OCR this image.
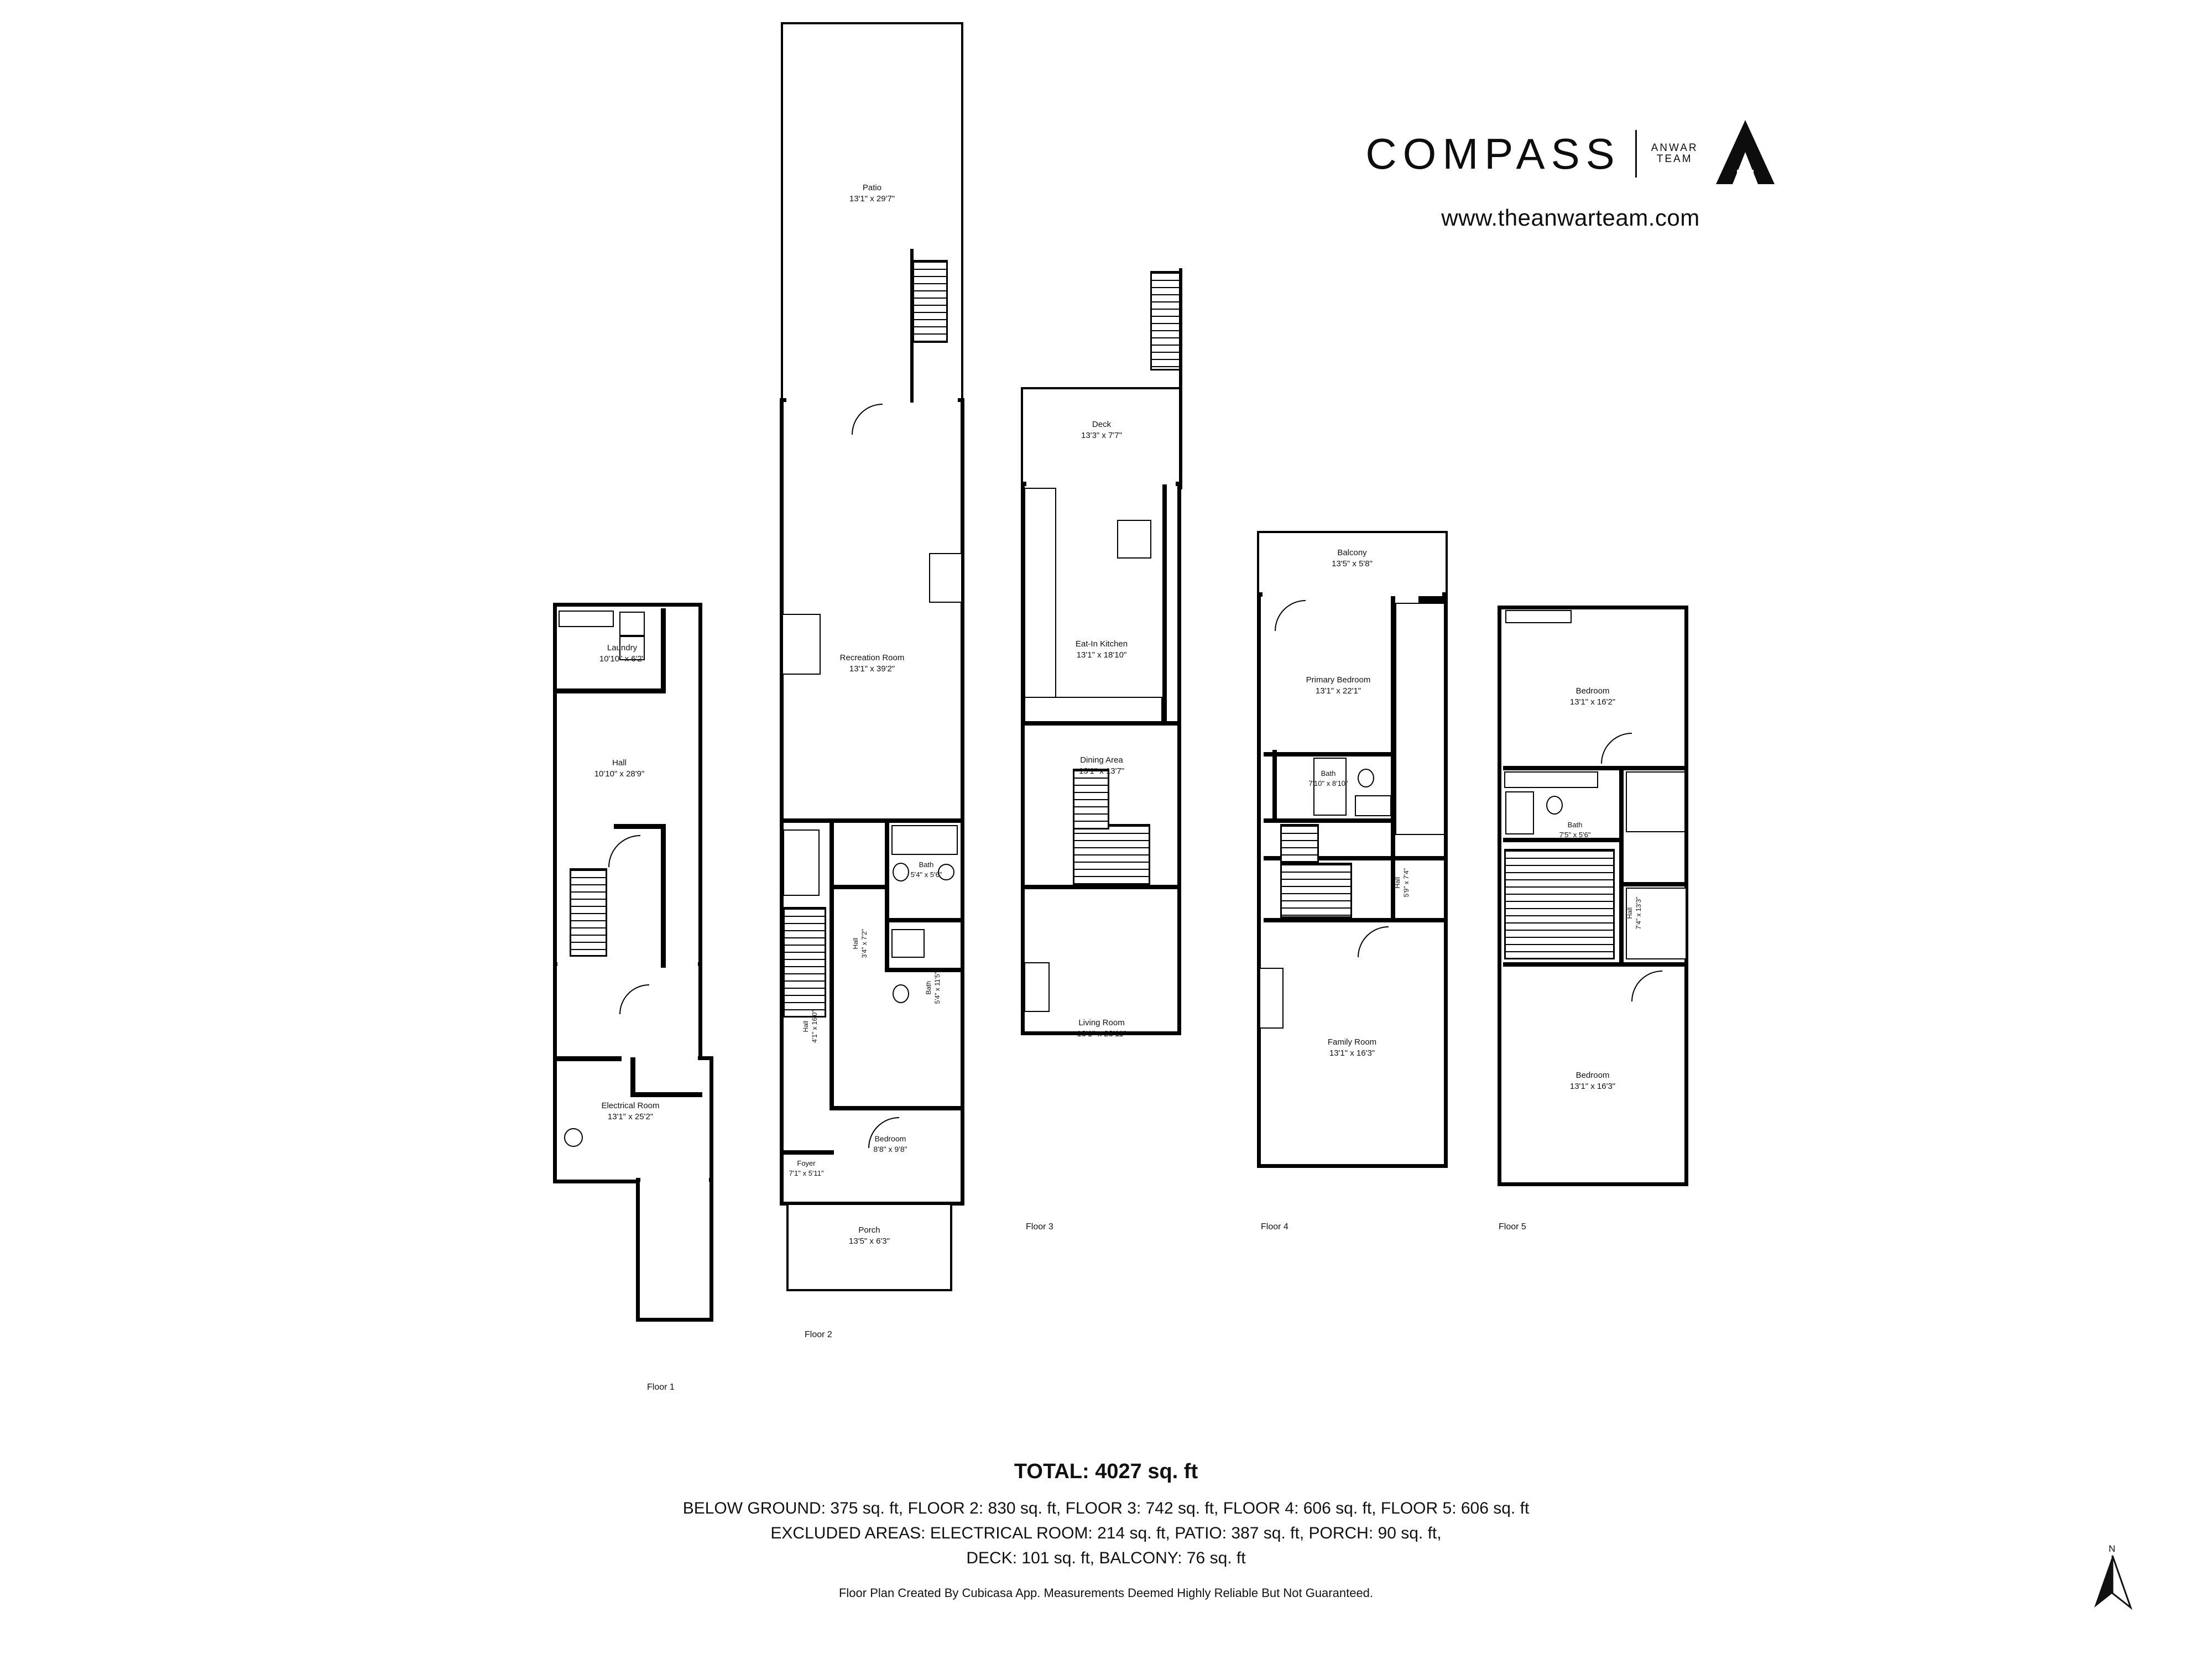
COMPASS	ANWAR
TEAM
www.theanwarteam.com
Laundry
10'10" x 6'2"
Hall
10'10" x 28'9"
Electrical Room
13'1" x 25'2"
Floor 1
Patio
13'1" x 29'7"
Recreation Room
13'1" x 39'2"
Bath
5'4" x 5'6"
Hall 3'4" x 7'2"
Bath 5'4" x 11'5"
Hall 4'1" x 16'0"
Bedroom
8'8" x 9'8"
Foyer
7'1" x 5'11"
Porch
13'5" x 6'3"
Floor 2
Deck
13'3" x 7'7"
Eat-In Kitchen
13'1" x 18'10"
Dining Area
13'1" x 13'7"
Living Room
13'1" x 23'11"
Floor 3
Balcony
13'5" x 5'8"
Primary Bedroom
13'1" x 22'1"
Bath
7'10" x 8'10"
Hall 5'9" x 7'4"
Family Room
13'1" x 16'3"
Floor 4
Bedroom
13'1" x 16'2"
Bath
7'5" x 5'6"
Hall 7'4" x 13'3"
Bedroom
13'1" x 16'3"
Floor 5
TOTAL: 4027 sq. ft
BELOW GROUND: 375 sq. ft, FLOOR 2: 830 sq. ft, FLOOR 3: 742 sq. ft, FLOOR 4: 606 sq. ft, FLOOR 5: 606 sq. ft
EXCLUDED AREAS: ELECTRICAL ROOM: 214 sq. ft, PATIO: 387 sq. ft, PORCH: 90 sq. ft,
DECK: 101 sq. ft, BALCONY: 76 sq. ft
Floor Plan Created By Cubicasa App. Measurements Deemed Highly Reliable But Not Guaranteed.
N
